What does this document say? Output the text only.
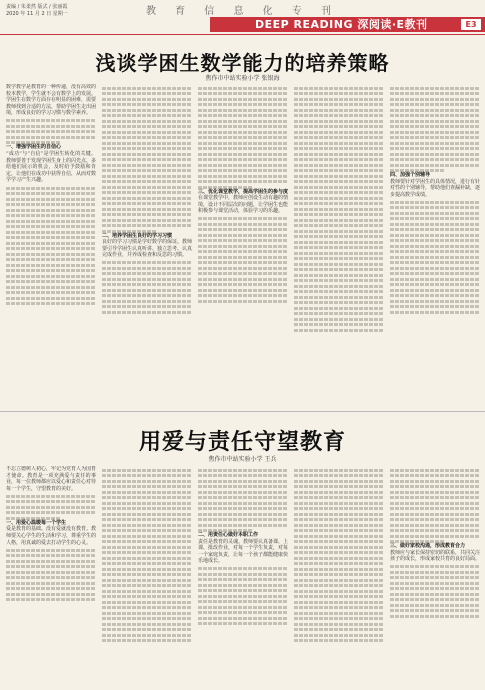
教 育 信 息 化 专 刊
责编 / 朱柔然 版式 / 张丽霞
2020 年 11 月 2 日 星期一
DEEP READING 深阅读·E教刊	E3
浅谈学困生数学能力的培养策略
焦作市中站实验小学 张银海
数学教学是教育的一种传递，没有高效的校本教学，学生就不会有数学上的发展。学困生在数学方面存在明显的困难，需要教师找到合适的方法，帮助学困生走出困境，形成良好的学习习惯与数学素养。
一、增强学困生的自信心
“成功”与“自信”是学困生转化的关键。教师要善于发现学困生身上的闪光点，多给他们展示的机会，及时给予鼓励和肯定，让他们在成功中获得自信，从而对数学学习产生兴趣。
二、培养学困生良好的学习习惯
良好的学习习惯是学好数学的保证。教师要引导学困生认真听讲、独立思考、认真完成作业，并养成检查和反思的习惯。
三、优化课堂教学，提高学困生的参与度
在课堂教学中，教师应创设生动有趣的情境，设计不同层次的问题，让学困生也能积极参与课堂活动，体验学习的乐趣。
四、加强个别辅导
教师要针对学困生的具体情况，进行有针对性的个别辅导，帮助他们查漏补缺，逐步提高数学成绩。
用爱与责任守望教育
焦作市中站实验小学 王兵
不忘立德树人初心，牢记为党育人为国育才使命。教育是一项充满爱与责任的事业，每一位教师都应以爱心和责任心对待每一个学生，守望教育的美好。
一、用爱心温暖每一个学生
爱是教育的基础。没有爱就没有教育。教师要关心学生的生活和学习，尊重学生的人格，用真诚的爱去打动学生的心灵。
二、用责任心做好本职工作
责任是教育的灵魂。教师要认真备课、上课、批改作业，对每一个学生负责，对每一个家庭负责，让每一个孩子都能健康快乐地成长。
三、做好家校沟通，形成教育合力
教师应与家长保持密切的联系，共同关注孩子的成长，形成家校共育的良好局面。
